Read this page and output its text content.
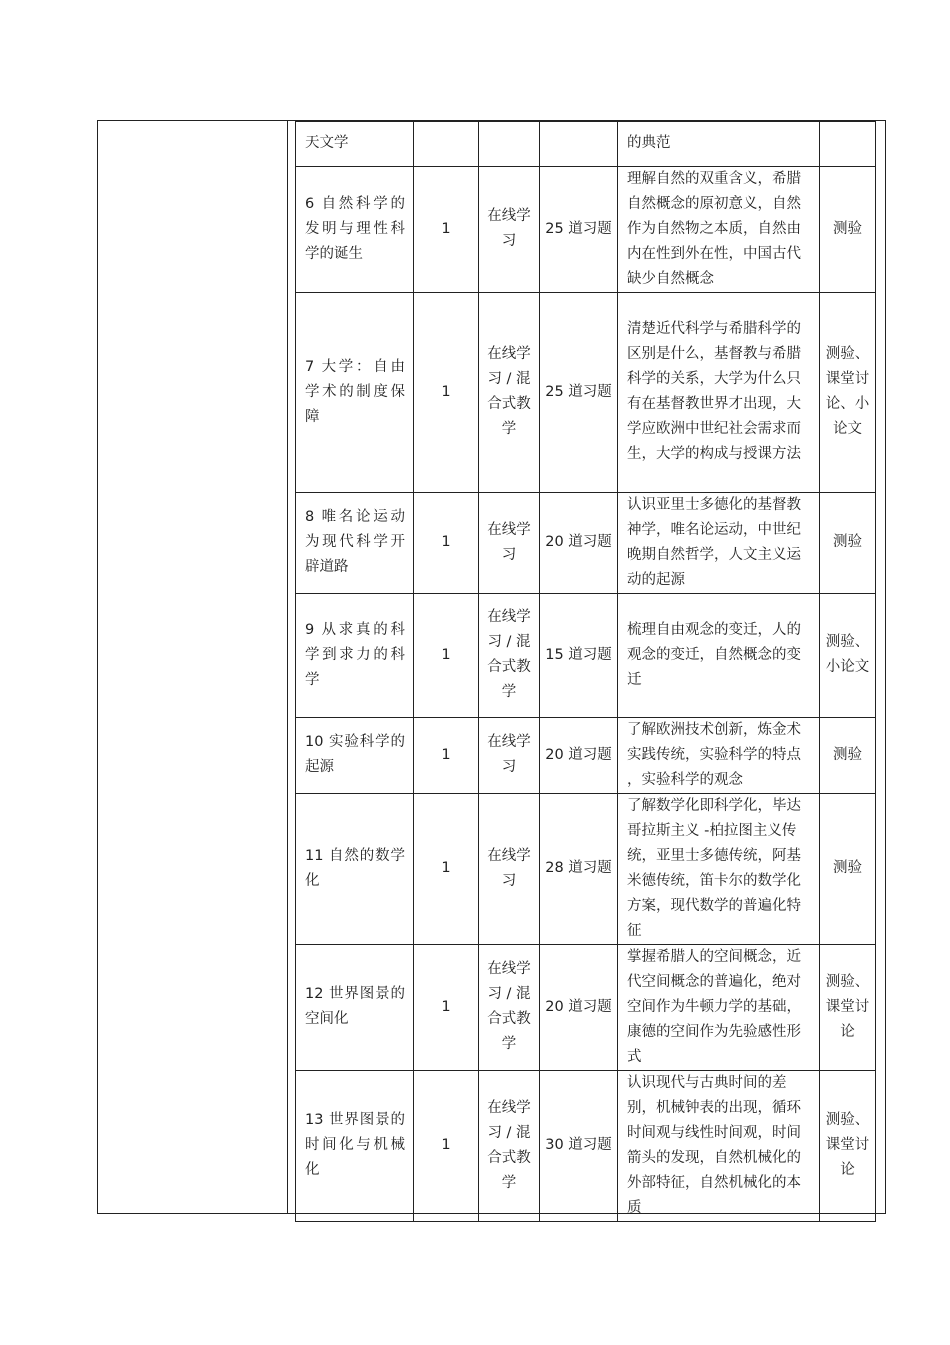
天文学				的典范	
6 自然科学的发明与理性科学的诞生	1	在线学习	25 道习题	理解自然的双重含义，希腊自然概念的原初意义，自然作为自然物之本质，自然由内在性到外在性，中国古代缺少自然概念	测验
7 大学：自由学术的制度保障	1	在线学习 / 混合式教学	25 道习题	清楚近代科学与希腊科学的区别是什么，基督教与希腊科学的关系，大学为什么只有在基督教世界才出现，大学应欧洲中世纪社会需求而生，大学的构成与授课方法	测验、课堂讨论、小论文
8 唯名论运动为现代科学开辟道路	1	在线学习	20 道习题	认识亚里士多德化的基督教神学，唯名论运动，中世纪晚期自然哲学，人文主义运动的起源	测验
9 从求真的科学到求力的科学	1	在线学习 / 混合式教学	15 道习题	梳理自由观念的变迁，人的观念的变迁，自然概念的变迁	测验、小论文
10 实验科学的起源	1	在线学习	20 道习题	了解欧洲技术创新，炼金术实践传统，实验科学的特点 ，实验科学的观念	测验
11 自然的数学化	1	在线学习	28 道习题	了解数学化即科学化，毕达哥拉斯主义 -柏拉图主义传统，亚里士多德传统，阿基米德传统，笛卡尔的数学化方案，现代数学的普遍化特征	测验
12 世界图景的空间化	1	在线学习 / 混合式教学	20 道习题	掌握希腊人的空间概念，近代空间概念的普遍化，绝对空间作为牛顿力学的基础，康德的空间作为先验感性形式	测验、课堂讨论
13 世界图景的时间化与机械化	1	在线学习 / 混合式教学	30 道习题	认识现代与古典时间的差别，机械钟表的出现，循环时间观与线性时间观，时间箭头的发现，自然机械化的外部特征，自然机械化的本质	测验、课堂讨论
